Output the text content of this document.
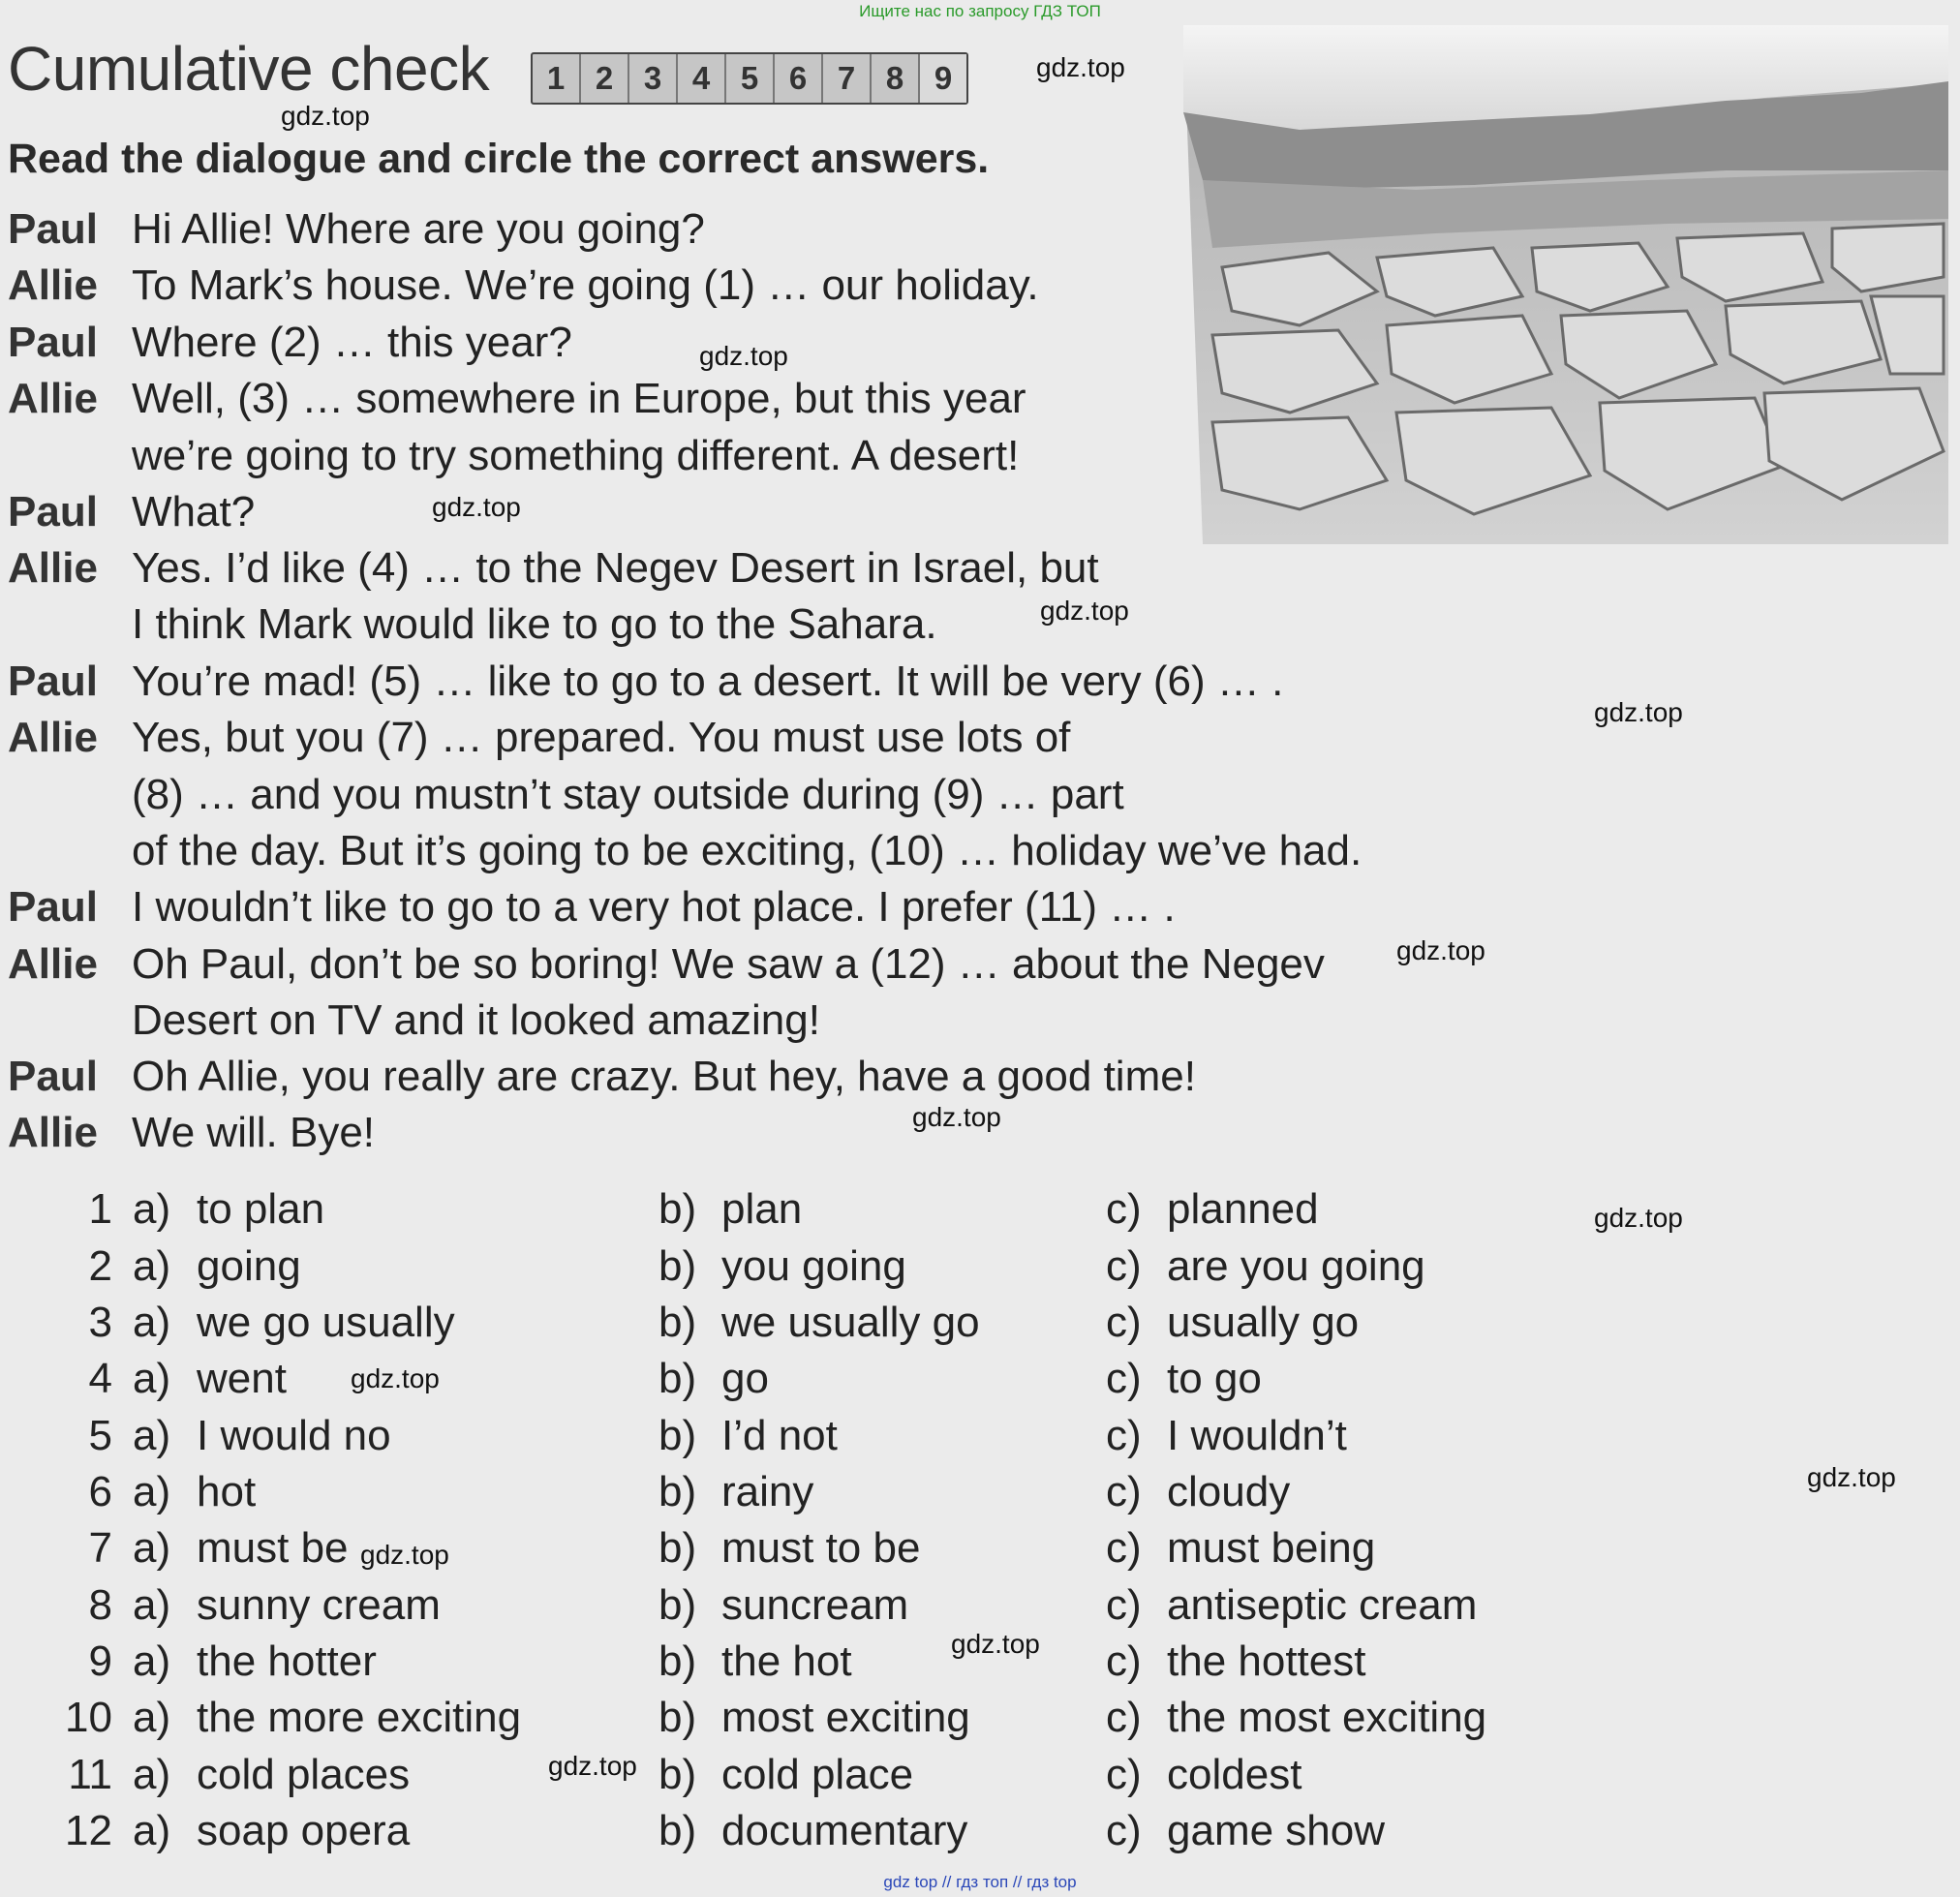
Ищите нас по запросу ГДЗ ТОП
Cumulative check	1 2 3 4 5 6 7 8 9
Read the dialogue and circle the correct answers.
Paul Hi Allie! Where are you going?
Allie To Mark’s house. We’re going (1) … our holiday.
Paul Where (2) … this year?
Allie Well, (3) … somewhere in Europe, but this year
we’re going to try something different. A desert!
Paul What?
Allie Yes. I’d like (4) … to the Negev Desert in Israel, but
I think Mark would like to go to the Sahara.
Paul You’re mad! (5) … like to go to a desert. It will be very (6) … .
Allie Yes, but you (7) … prepared. You must use lots of
(8) … and you mustn’t stay outside during (9) … part
of the day. But it’s going to be exciting, (10) … holiday we’ve had.
Paul I wouldn’t like to go to a very hot place. I prefer (11) … .
Allie Oh Paul, don’t be so boring! We saw a (12) … about the Negev
Desert on TV and it looked amazing!
Paul Oh Allie, you really are crazy. But hey, have a good time!
Allie We will. Bye!
1 a) to plan	b) plan	c) planned
2 a) going	b) you going	c) are you going
3 a) we go usually	b) we usually go	c) usually go
4 a) went	b) go	c) to go
5 a) I would no	b) I’d not	c) I wouldn’t
6 a) hot	b) rainy	c) cloudy
7 a) must be	b) must to be	c) must being
8 a) sunny cream	b) suncream	c) antiseptic cream
9 a) the hotter	b) the hot	c) the hottest
10 a) the more exciting	b) most exciting	c) the most exciting
11 a) cold places	b) cold place	c) coldest
12 a) soap opera	b) documentary	c) game show
gdz.top
gdz.top
gdz.top
gdz.top
gdz.top
gdz.top
gdz.top
gdz.top
gdz.top
gdz.top
gdz.top
gdz.top
gdz.top
gdz.top
gdz top // гдз топ // гдз top
